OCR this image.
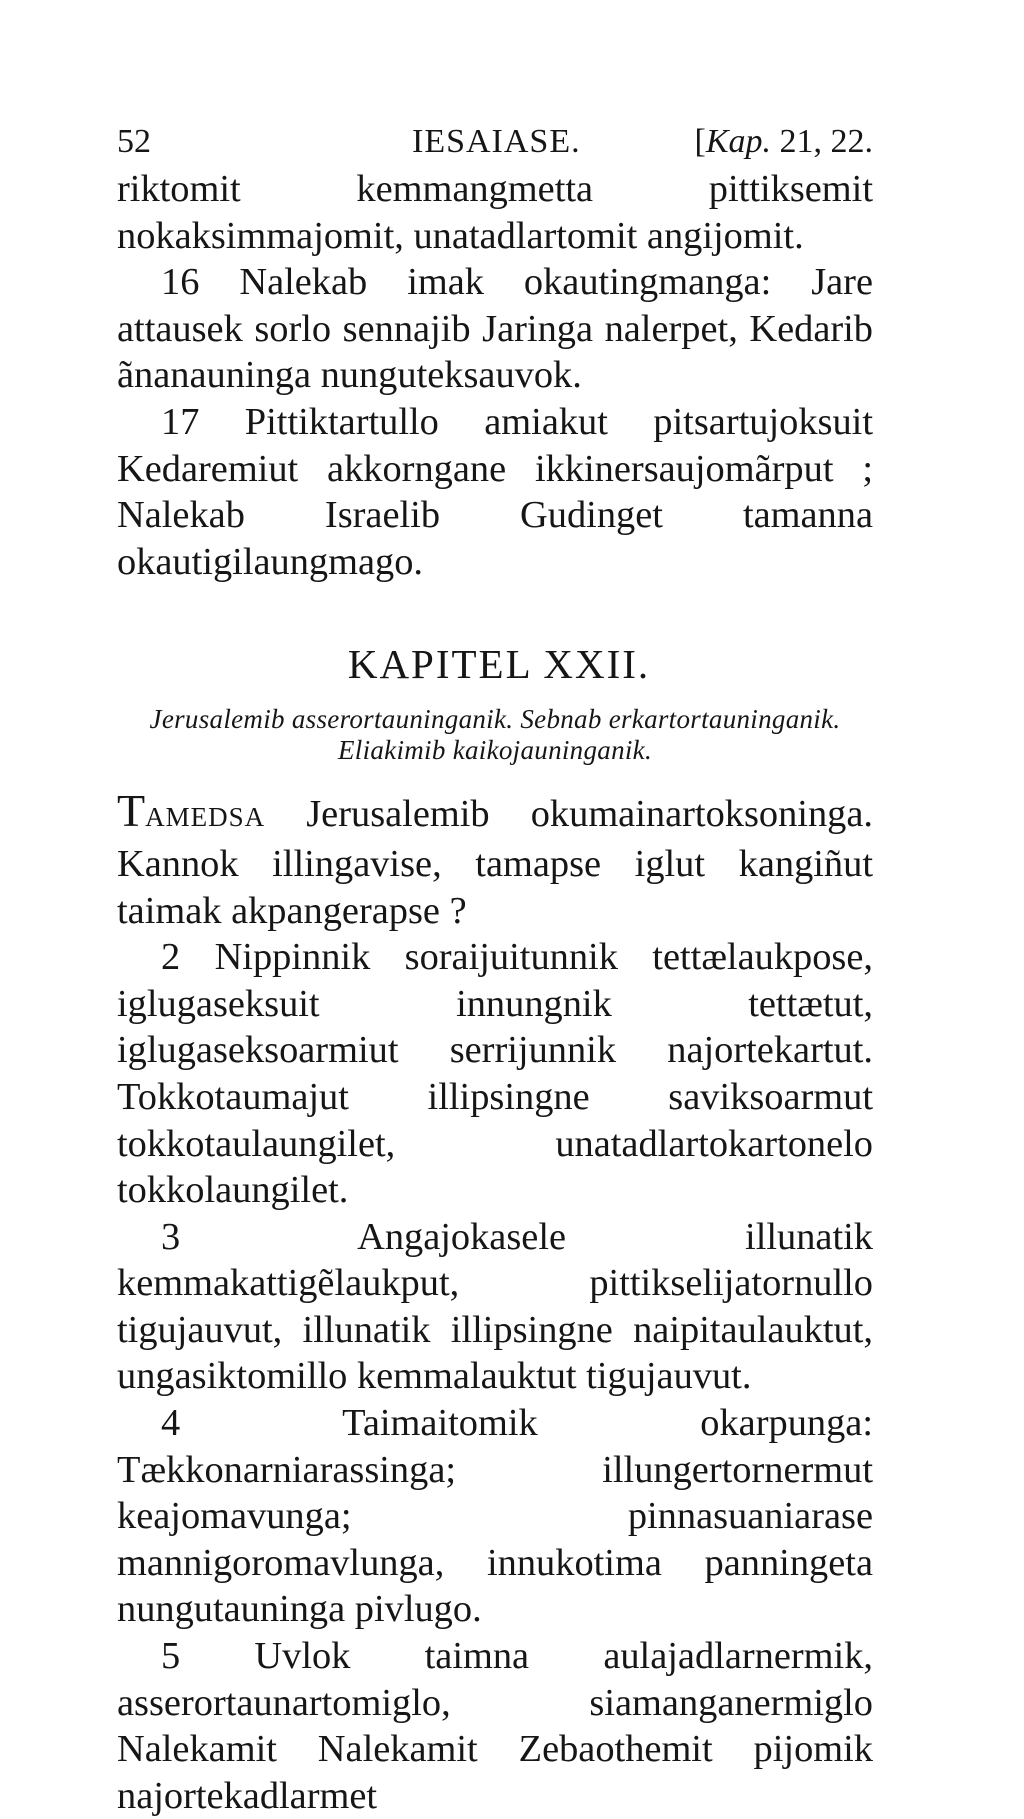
52	IESAIASE.	[Kap. 21, 22.

riktomit kemmangmetta pittiksemit nokaksimmajomit, unatadlartomit angijomit.

16 Nalekab imak okautingmanga: Jare attausek sorlo sennajib Jaringa nalerpet, Kedarib ãnanauninga nunguteksauvok.

17 Pittiktartullo amiakut pitsartujoksuit Kedaremiut akkorngane ikkinersaujomãrput ; Nalekab Israelib Gudinget tamanna okautigilaungmago.

KAPITEL XXII.
Jerusalemib asserortauninganik. Sebnab erkartortauninganik.
Eliakimib kaikojauninganik.

TAMEDSA Jerusalemib okumainartoksoninga. Kannok illingavise, tamapse iglut kangiñut taimak akpangerapse ?

2 Nippinnik soraijuitunnik tettælaukpose, iglugaseksuit innungnik tettætut, iglugaseksoarmiut serrijunnik najortekartut. Tokkotaumajut illipsingne saviksoarmut tokkotaulaungilet, unatadlartokartonelo tokkolaungilet.

3 Angajokasele illunatik kemmakattigẽlaukput, pittikselijatornullo tigujauvut, illunatik illipsingne naipitaulauktut, ungasiktomillo kemmalauktut tigujauvut.

4 Taimaitomik okarpunga: Tækkonarniarassinga; illungertornermut keajomavunga; pinnasuaniarase mannigoromavlunga, innukotima panningeta nungutauninga pivlugo.

5 Uvlok taimna aulajadlarnermik, asserortaunartomiglo, siamanganermiglo Nalekamit Nalekamit Zebaothemit pijomik najortekadlarmet
